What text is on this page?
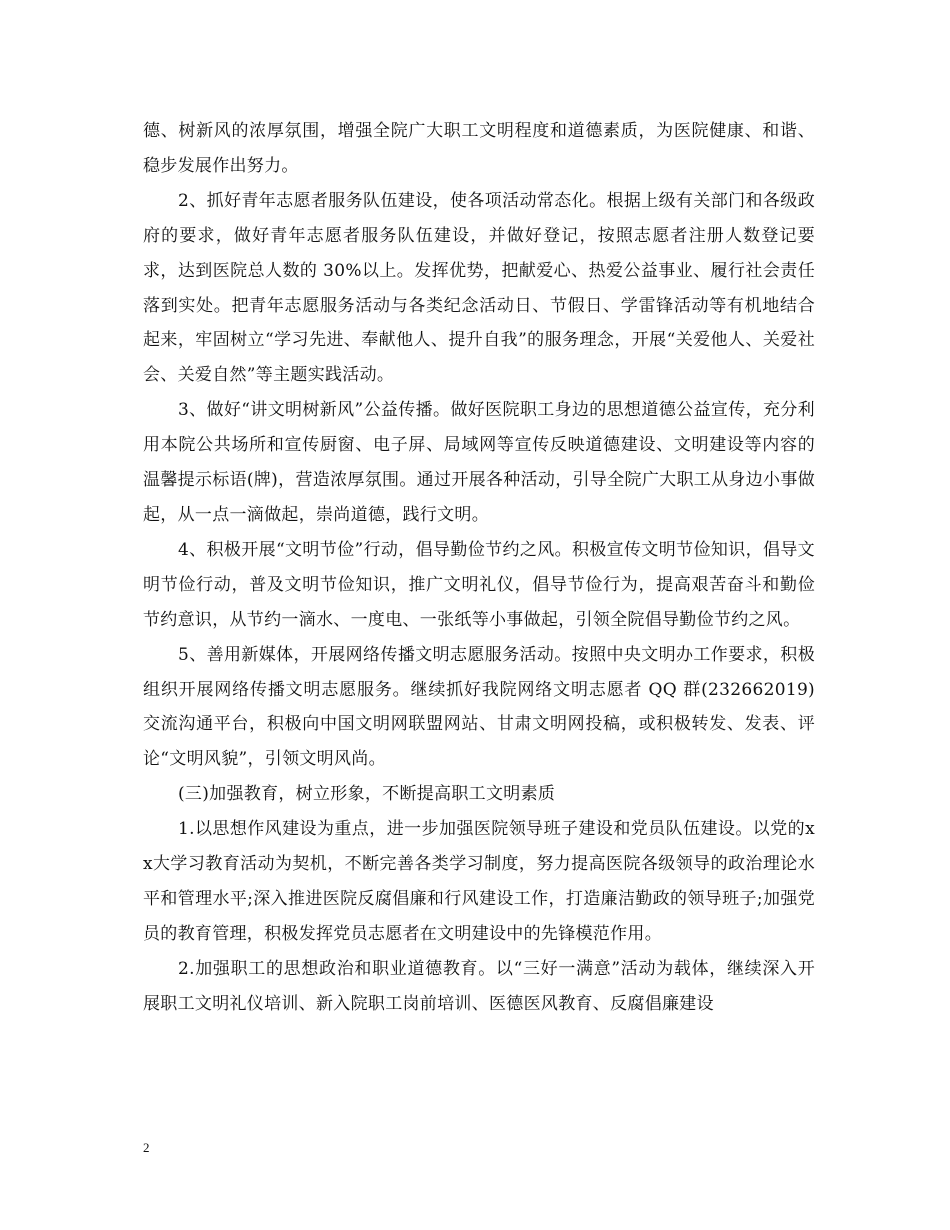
德、树新风的浓厚氛围，增强全院广大职工文明程度和道德素质，为医院健康、和谐、稳步发展作出努力。

2、抓好青年志愿者服务队伍建设，使各项活动常态化。根据上级有关部门和各级政府的要求，做好青年志愿者服务队伍建设，并做好登记，按照志愿者注册人数登记要求，达到医院总人数的 30%以上。发挥优势，把献爱心、热爱公益事业、履行社会责任落到实处。把青年志愿服务活动与各类纪念活动日、节假日、学雷锋活动等有机地结合起来，牢固树立“学习先进、奉献他人、提升自我”的服务理念，开展“关爱他人、关爱社会、关爱自然”等主题实践活动。

3、做好“讲文明树新风”公益传播。做好医院职工身边的思想道德公益宣传，充分利用本院公共场所和宣传厨窗、电子屏、局域网等宣传反映道德建设、文明建设等内容的温馨提示标语(牌)，营造浓厚氛围。通过开展各种活动，引导全院广大职工从身边小事做起，从一点一滴做起，崇尚道德，践行文明。

4、积极开展“文明节俭”行动，倡导勤俭节约之风。积极宣传文明节俭知识，倡导文明节俭行动，普及文明节俭知识，推广文明礼仪，倡导节俭行为，提高艰苦奋斗和勤俭节约意识，从节约一滴水、一度电、一张纸等小事做起，引领全院倡导勤俭节约之风。

5、善用新媒体，开展网络传播文明志愿服务活动。按照中央文明办工作要求，积极组织开展网络传播文明志愿服务。继续抓好我院网络文明志愿者 QQ 群(232662019)交流沟通平台，积极向中国文明网联盟网站、甘肃文明网投稿，或积极转发、发表、评论“文明风貌”，引领文明风尚。

(三)加强教育，树立形象，不断提高职工文明素质

1.以思想作风建设为重点，进一步加强医院领导班子建设和党员队伍建设。以党的xx大学习教育活动为契机，不断完善各类学习制度，努力提高医院各级领导的政治理论水平和管理水平;深入推进医院反腐倡廉和行风建设工作，打造廉洁勤政的领导班子;加强党员的教育管理，积极发挥党员志愿者在文明建设中的先锋模范作用。

2.加强职工的思想政治和职业道德教育。以“三好一满意”活动为载体，继续深入开展职工文明礼仪培训、新入院职工岗前培训、医德医风教育、反腐倡廉建设

2
